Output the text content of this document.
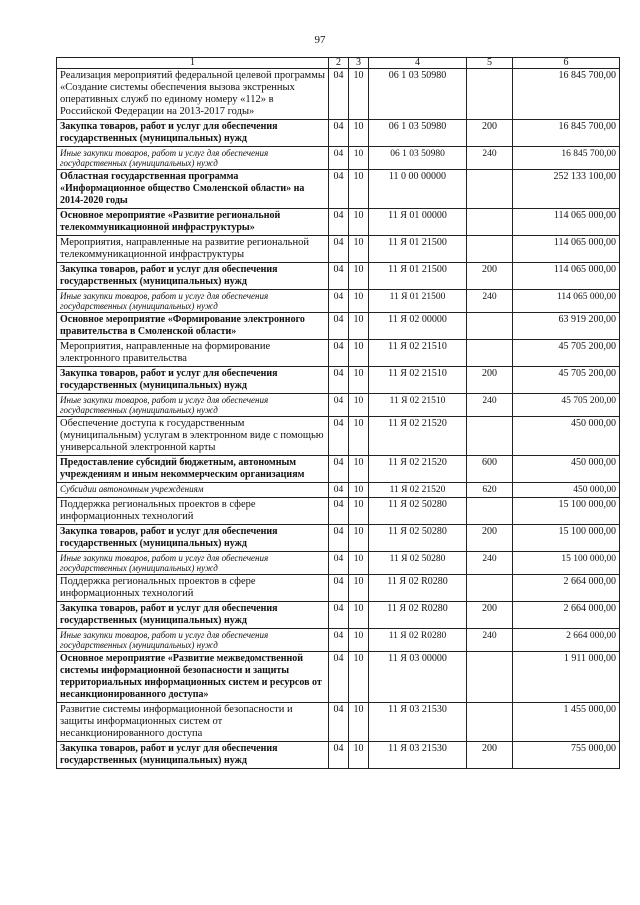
97
1	2	3	4	5	6
Реализация мероприятий федеральной целевой программы «Создание системы обеспечения вызова экстренных оперативных служб по единому номеру «112» в Российской Федерации на 2013-2017 годы»	04	10	06 1 03 50980		16 845 700,00
Закупка товаров, работ и услуг для обеспечения государственных (муниципальных) нужд	04	10	06 1 03 50980	200	16 845 700,00
Иные закупки товаров, работ и услуг для обеспечения государственных (муниципальных) нужд	04	10	06 1 03 50980	240	16 845 700,00
Областная государственная программа «Информационное общество Смоленской области» на 2014-2020 годы	04	10	11 0 00 00000		252 133 100,00
Основное мероприятие «Развитие региональной телекоммуникационной инфраструктуры»	04	10	11 Я 01 00000		114 065 000,00
Мероприятия, направленные на развитие региональной телекоммуникационной инфраструктуры	04	10	11 Я 01 21500		114 065 000,00
Закупка товаров, работ и услуг для обеспечения государственных (муниципальных) нужд	04	10	11 Я 01 21500	200	114 065 000,00
Иные закупки товаров, работ и услуг для обеспечения государственных (муниципальных) нужд	04	10	11 Я 01 21500	240	114 065 000,00
Основное мероприятие «Формирование электронного правительства в Смоленской области»	04	10	11 Я 02 00000		63 919 200,00
Мероприятия, направленные на формирование электронного правительства	04	10	11 Я 02 21510		45 705 200,00
Закупка товаров, работ и услуг для обеспечения государственных (муниципальных) нужд	04	10	11 Я 02 21510	200	45 705 200,00
Иные закупки товаров, работ и услуг для обеспечения государственных (муниципальных) нужд	04	10	11 Я 02 21510	240	45 705 200,00
Обеспечение доступа к государственным (муниципальным) услугам в электронном виде с помощью универсальной электронной карты	04	10	11 Я 02 21520		450 000,00
Предоставление субсидий бюджетным, автономным учреждениям и иным некоммерческим организациям	04	10	11 Я 02 21520	600	450 000,00
Субсидии автономным учреждениям	04	10	11 Я 02 21520	620	450 000,00
Поддержка региональных проектов в сфере информационных технологий	04	10	11 Я 02 50280		15 100 000,00
Закупка товаров, работ и услуг для обеспечения государственных (муниципальных) нужд	04	10	11 Я 02 50280	200	15 100 000,00
Иные закупки товаров, работ и услуг для обеспечения государственных (муниципальных) нужд	04	10	11 Я 02 50280	240	15 100 000,00
Поддержка региональных проектов в сфере информационных технологий	04	10	11 Я 02 R0280		2 664 000,00
Закупка товаров, работ и услуг для обеспечения государственных (муниципальных) нужд	04	10	11 Я 02 R0280	200	2 664 000,00
Иные закупки товаров, работ и услуг для обеспечения государственных (муниципальных) нужд	04	10	11 Я 02 R0280	240	2 664 000,00
Основное мероприятие «Развитие межведомственной системы информационной безопасности и защиты территориальных информационных систем и ресурсов от несанкционированного доступа»	04	10	11 Я 03 00000		1 911 000,00
Развитие системы информационной безопасности и защиты информационных систем от несанкционированного доступа	04	10	11 Я 03 21530		1 455 000,00
Закупка товаров, работ и услуг для обеспечения государственных (муниципальных) нужд	04	10	11 Я 03 21530	200	755 000,00
